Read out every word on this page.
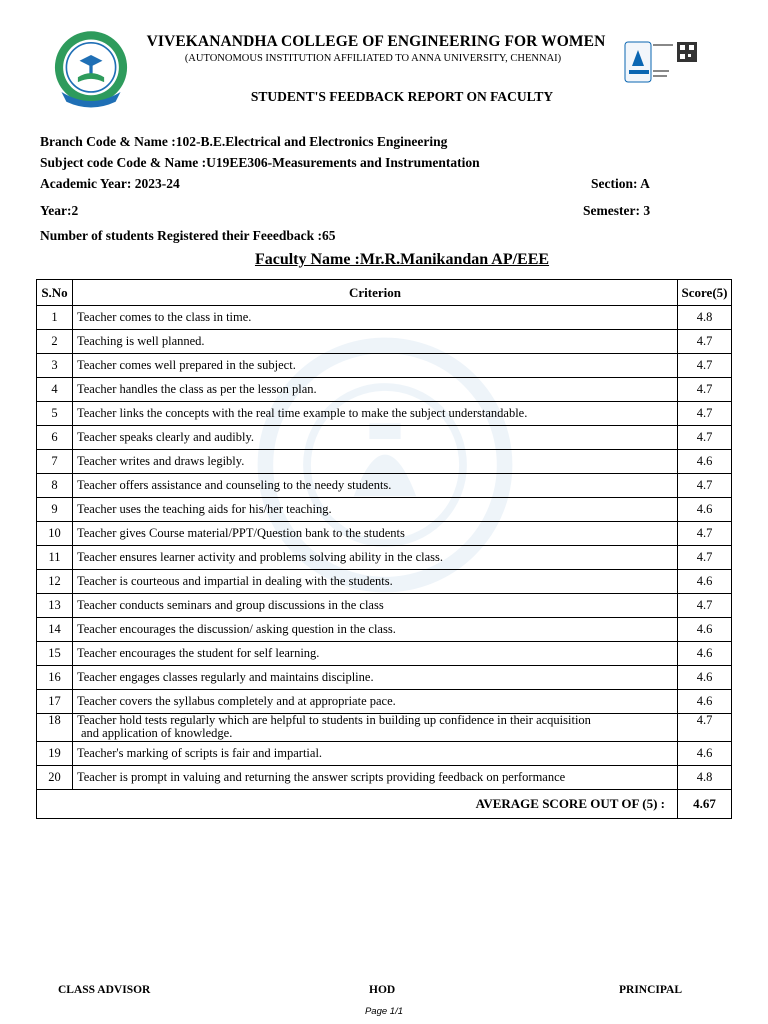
VIVEKANANDHA COLLEGE OF ENGINEERING FOR WOMEN
(AUTONOMOUS INSTITUTION AFFILIATED TO ANNA UNIVERSITY, CHENNAI)
STUDENT'S FEEDBACK REPORT ON FACULTY
Branch Code & Name :102-B.E.Electrical and Electronics Engineering
Subject code Code & Name :U19EE306-Measurements and Instrumentation
Academic Year: 2023-24	Section: A
Year:2	Semester: 3
Number of students Registered their Feeedback :65
Faculty Name :Mr.R.Manikandan AP/EEE
S.No	Criterion	Score(5)
1	Teacher comes to the class in time.	4.8
2	Teaching is well planned.	4.7
3	Teacher comes well prepared in the subject.	4.7
4	Teacher handles the class as per the lesson plan.	4.7
5	Teacher links the concepts with the real time example to make the subject understandable.	4.7
6	Teacher speaks clearly and audibly.	4.7
7	Teacher writes and draws legibly.	4.6
8	Teacher offers assistance and counseling to the needy students.	4.7
9	Teacher uses the teaching aids for his/her teaching.	4.6
10	Teacher gives Course material/PPT/Question bank to the students	4.7
11	Teacher ensures learner activity and problems solving ability in the class.	4.7
12	Teacher is courteous and impartial in dealing with the students.	4.6
13	Teacher conducts seminars and group discussions in the class	4.7
14	Teacher encourages the discussion/ asking question in the class.	4.6
15	Teacher encourages the student for self learning.	4.6
16	Teacher engages classes regularly and maintains discipline.	4.6
17	Teacher covers the syllabus completely and at appropriate pace.	4.6
18	Teacher hold tests regularly which are helpful to students in building up confidence in their acquisition
and application of knowledge.	4.7
19	Teacher's marking of scripts is fair and impartial.	4.6
20	Teacher is prompt in valuing and returning the answer scripts providing feedback on performance	4.8
AVERAGE SCORE OUT OF (5) :		4.67
CLASS ADVISOR	HOD	PRINCIPAL
Page 1/1
